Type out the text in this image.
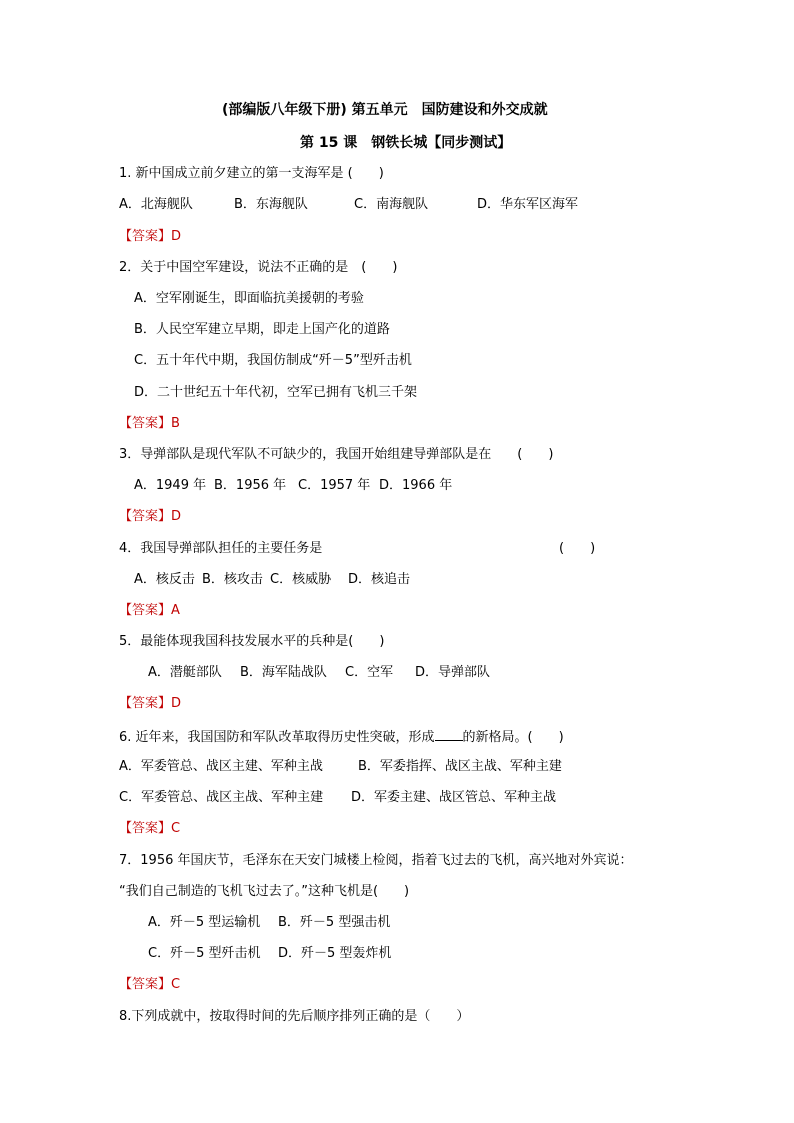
(部编版八年级下册) 第五单元　国防建设和外交成就
第 15 课　钢铁长城【同步测试】
1. 新中国成立前夕建立的第一支海军是 (　　)
A．北海舰队	B．东海舰队	C．南海舰队	D．华东军区海军
【答案】D
2．关于中国空军建设，说法不正确的是　(　　)
A．空军刚诞生，即面临抗美援朝的考验
B．人民空军建立早期，即走上国产化的道路
C．五十年代中期，我国仿制成“歼－5”型歼击机
D．二十世纪五十年代初，空军已拥有飞机三千架
【答案】B
3．导弹部队是现代军队不可缺少的，我国开始组建导弹部队是在　　(　　)
A．1949 年 B．1956 年 C．1957 年 D．1966 年
【答案】D
4．我国导弹部队担任的主要任务是	(　　)
A．核反击 B．核攻击 C．核威胁 D．核追击
【答案】A
5．最能体现我国科技发展水平的兵种是(　　)
A．潜艇部队 B．海军陆战队 C．空军 D．导弹部队
【答案】D
6. 近年来，我国国防和军队改革取得历史性突破，形成 的新格局。(　　)
A．军委管总、战区主建、军种主战	B．军委指挥、战区主战、军种主建
C．军委管总、战区主战、军种主建 D．军委主建、战区管总、军种主战
【答案】C
7．1956 年国庆节，毛泽东在天安门城楼上检阅，指着飞过去的飞机，高兴地对外宾说：
“我们自己制造的飞机飞过去了。”这种飞机是(　　)
A．歼－5 型运输机 B．歼－5 型强击机
C．歼－5 型歼击机 D．歼－5 型轰炸机
【答案】C
8.下列成就中，按取得时间的先后顺序排列正确的是（　　）
